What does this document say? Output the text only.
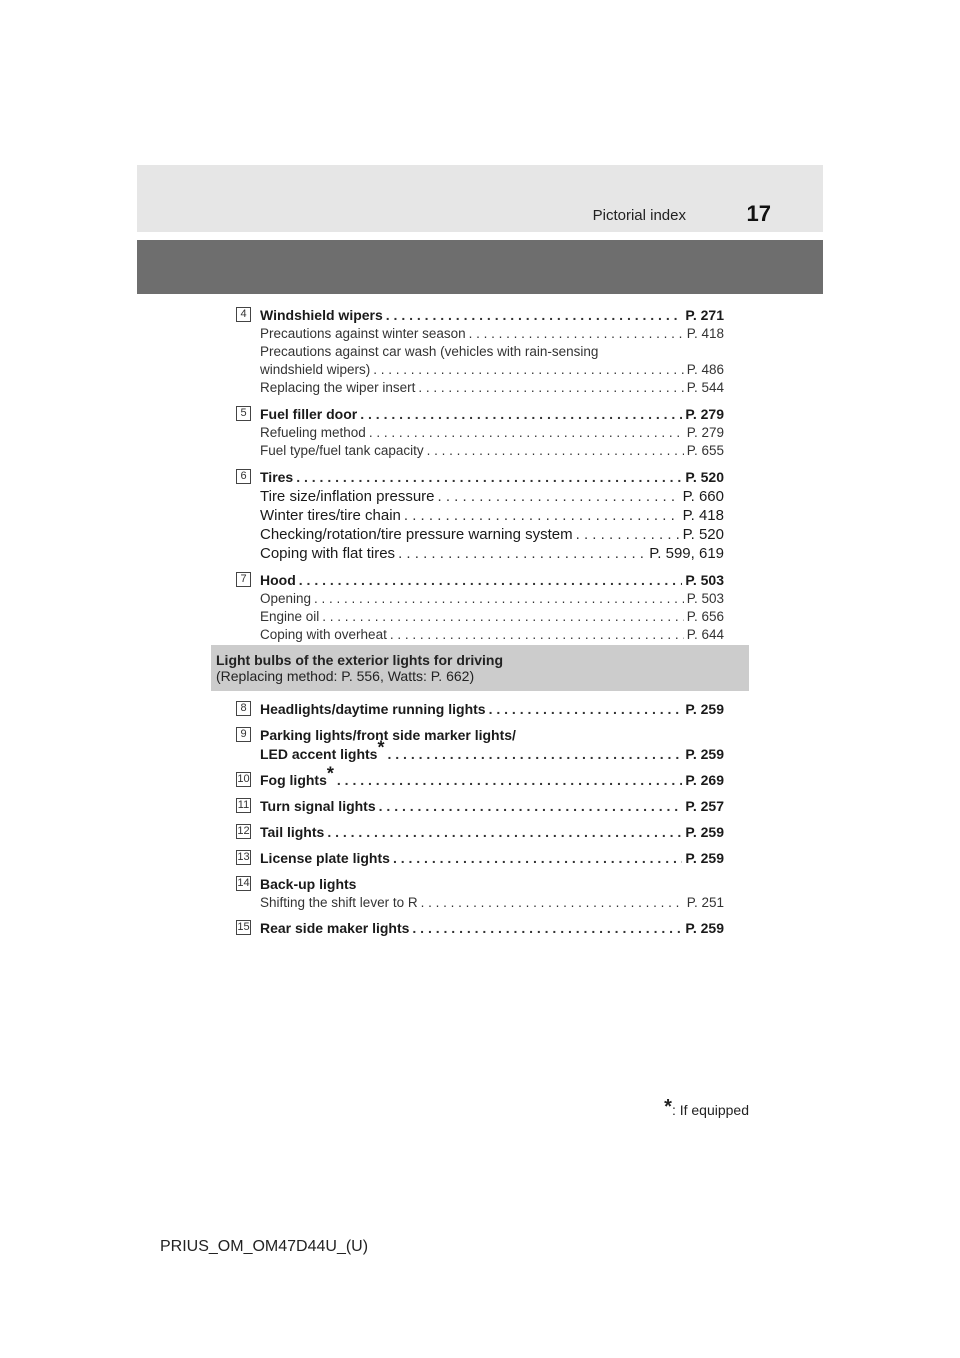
Pictorial index	17
4 Windshield wipers . . .	P. 271
Precautions against winter season . . .	P. 418
Precautions against car wash (vehicles with rain-sensing
windshield wipers) . . .	P. 486
Replacing the wiper insert . . .	P. 544
5 Fuel filler door . . .	P. 279
Refueling method . . .	P. 279
Fuel type/fuel tank capacity . . .	P. 655
6 Tires . . .	P. 520
Tire size/inflation pressure . . .	P. 660
Winter tires/tire chain . . .	P. 418
Checking/rotation/tire pressure warning system . . .	P. 520
Coping with flat tires . . .	P. 599, 619
7 Hood . . .	P. 503
Opening . . .	P. 503
Engine oil . . .	P. 656
Coping with overheat . . .	P. 644
Light bulbs of the exterior lights for driving
(Replacing method: P. 556, Watts: P. 662)
8 Headlights/daytime running lights . . .	P. 259
9 Parking lights/front side marker lights/
LED accent lights* . . .	P. 259
10 Fog lights* . . .	P. 269
11 Turn signal lights . . .	P. 257
12 Tail lights . . .	P. 259
13 License plate lights . . .	P. 259
14 Back-up lights
Shifting the shift lever to R . . .	P. 251
15 Rear side maker lights . . .	P. 259
*: If equipped
PRIUS_OM_OM47D44U_(U)
